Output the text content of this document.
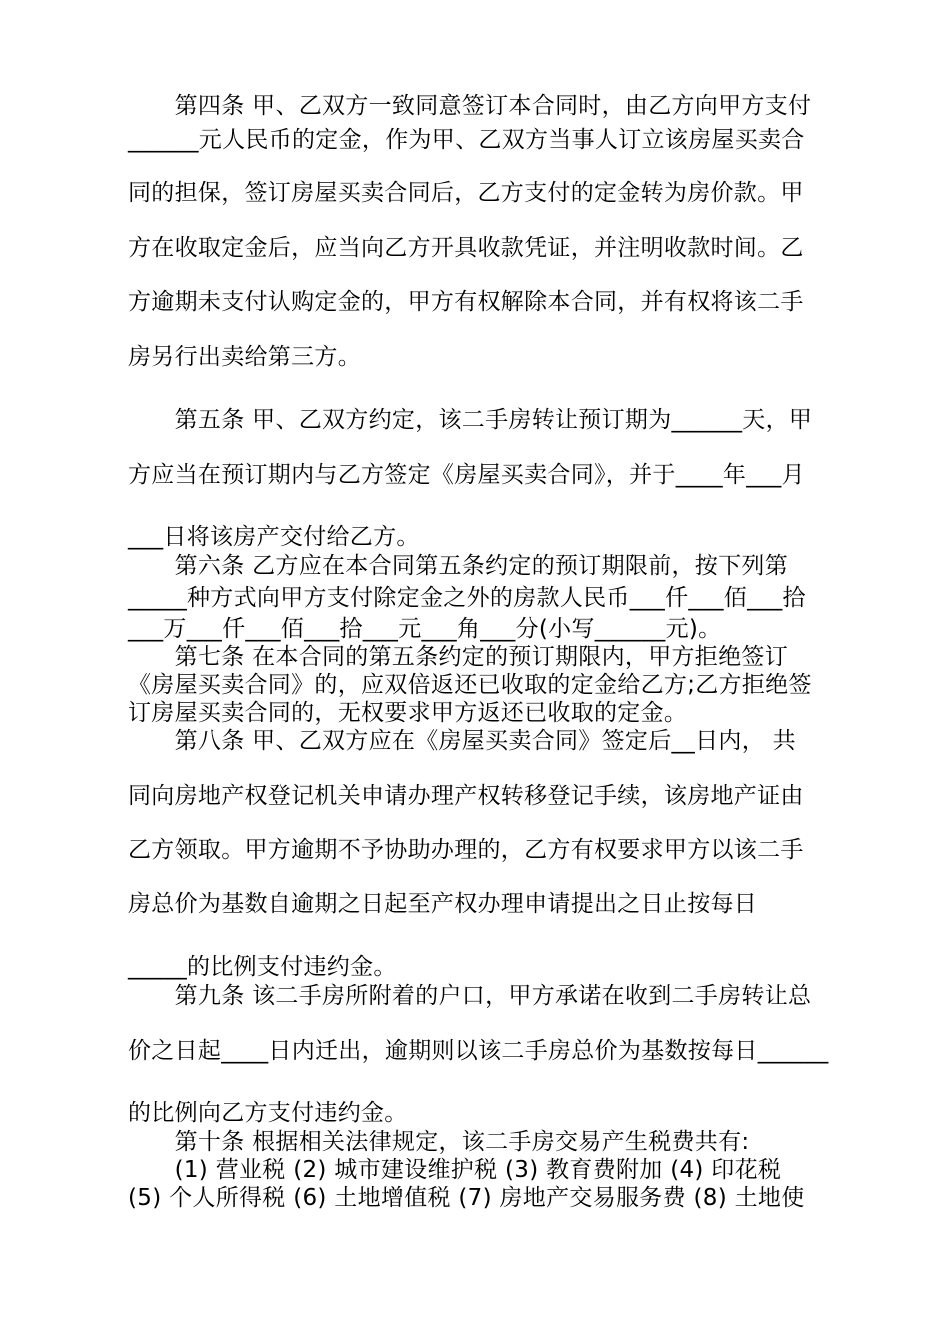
　　第四条 甲、乙双方一致同意签订本合同时，由乙方向甲方支付

______元人民币的定金，作为甲、乙双方当事人订立该房屋买卖合

同的担保，签订房屋买卖合同后，乙方支付的定金转为房价款。甲

方在收取定金后，应当向乙方开具收款凭证，并注明收款时间。乙

方逾期未支付认购定金的，甲方有权解除本合同，并有权将该二手

房另行出卖给第三方。

　　第五条 甲、乙双方约定，该二手房转让预订期为______天，甲

方应当在预订期内与乙方签定《房屋买卖合同》，并于____年___月

___日将该房产交付给乙方。

　　第六条 乙方应在本合同第五条约定的预订期限前，按下列第

_____种方式向甲方支付除定金之外的房款人民币___仟___佰___拾

___万___仟___佰___拾___元___角___分(小写______元)。

　　第七条 在本合同的第五条约定的预订期限内，甲方拒绝签订

《房屋买卖合同》的，应双倍返还已收取的定金给乙方;乙方拒绝签

订房屋买卖合同的，无权要求甲方返还已收取的定金。

　　第八条 甲、乙双方应在《房屋买卖合同》签定后__日内， 共

同向房地产权登记机关申请办理产权转移登记手续，该房地产证由

乙方领取。甲方逾期不予协助办理的，乙方有权要求甲方以该二手

房总价为基数自逾期之日起至产权办理申请提出之日止按每日

_____的比例支付违约金。

　　第九条 该二手房所附着的户口，甲方承诺在收到二手房转让总

价之日起____日内迁出，逾期则以该二手房总价为基数按每日______

的比例向乙方支付违约金。

　　第十条 根据相关法律规定，该二手房交易产生税费共有:

　　(1) 营业税 (2) 城市建设维护税 (3) 教育费附加 (4) 印花税

(5) 个人所得税 (6) 土地增值税 (7) 房地产交易服务费 (8) 土地使
